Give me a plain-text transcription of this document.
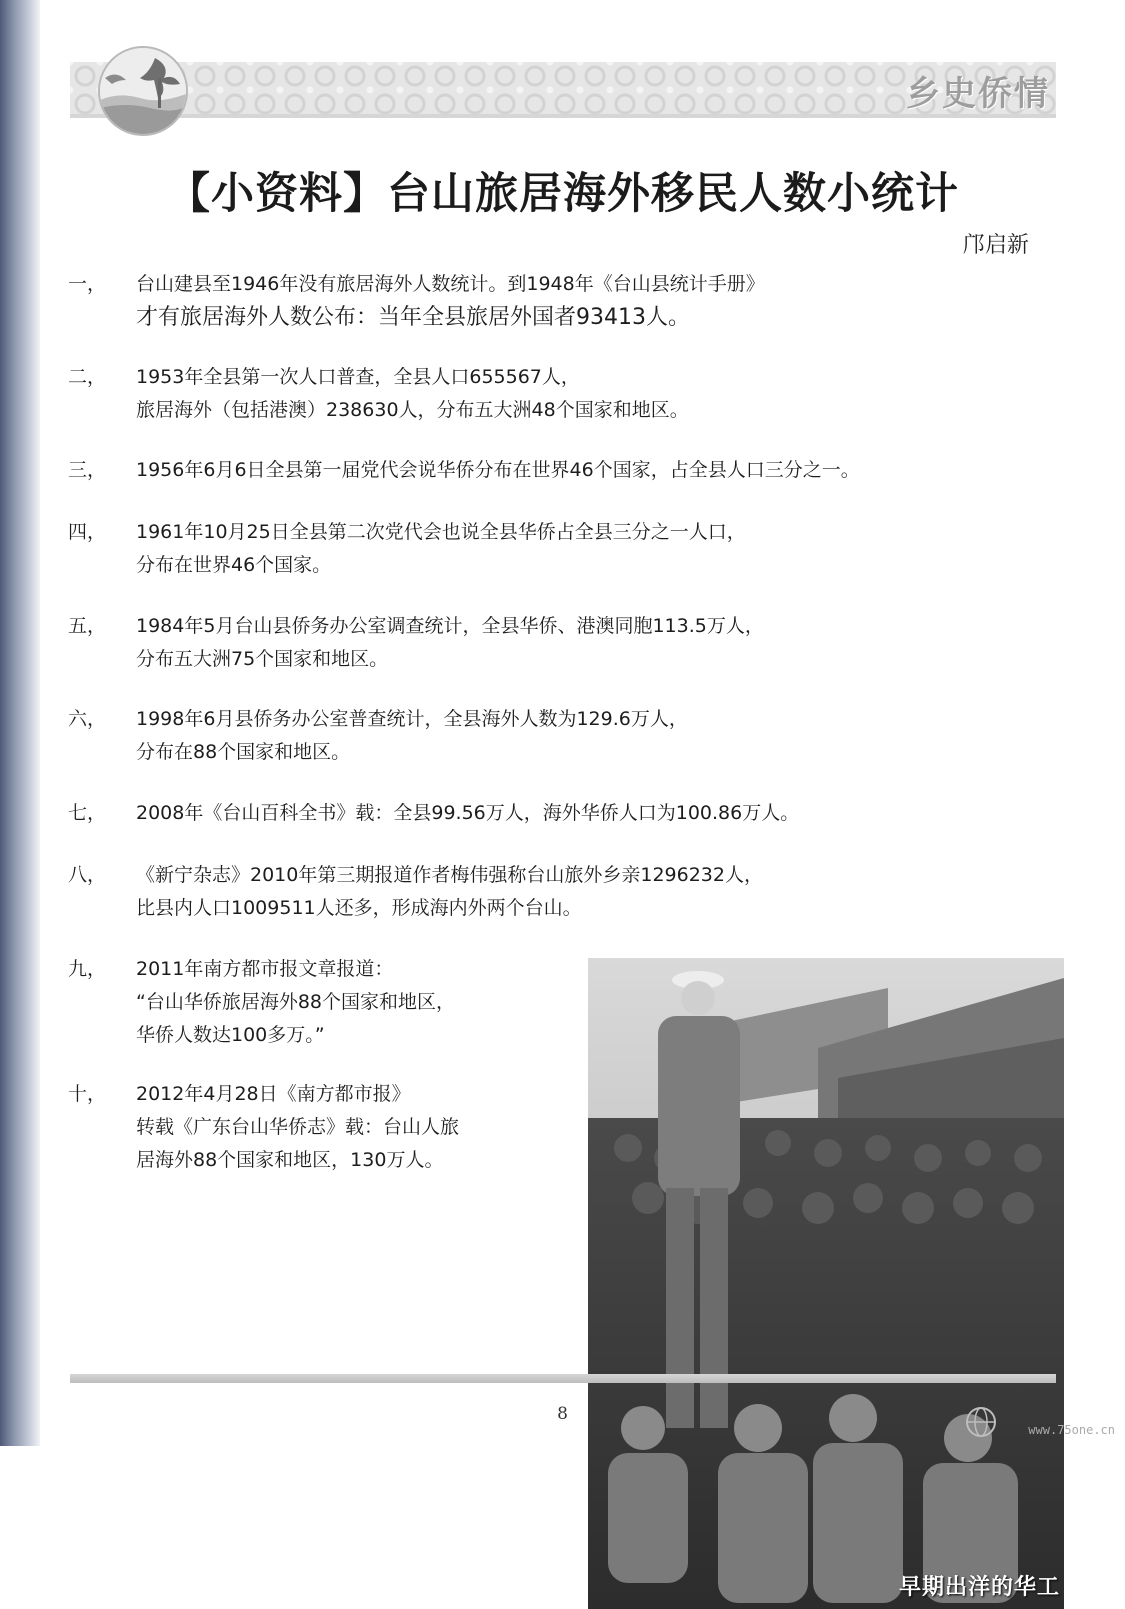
乡史侨情
【小资料】台山旅居海外移民人数小统计
邝启新
一，	台山建县至1946年没有旅居海外人数统计。到1948年《台山县统计手册》
才有旅居海外人数公布：当年全县旅居外国者93413人。
二，	1953年全县第一次人口普查，全县人口655567人，
旅居海外（包括港澳）238630人，分布五大洲48个国家和地区。
三，	1956年6月6日全县第一届党代会说华侨分布在世界46个国家，占全县人口三分之一。
四，	1961年10月25日全县第二次党代会也说全县华侨占全县三分之一人口，
分布在世界46个国家。
五，	1984年5月台山县侨务办公室调查统计，全县华侨、港澳同胞113.5万人，
分布五大洲75个国家和地区。
六，	1998年6月县侨务办公室普查统计，全县海外人数为129.6万人，
分布在88个国家和地区。
七，	2008年《台山百科全书》载：全县99.56万人，海外华侨人口为100.86万人。
八，	《新宁杂志》2010年第三期报道作者梅伟强称台山旅外乡亲1296232人，
比县内人口1009511人还多，形成海内外两个台山。
九，	2011年南方都市报文章报道：
“台山华侨旅居海外88个国家和地区，
华侨人数达100多万。”
十，	2012年4月28日《南方都市报》
转载《广东台山华侨志》载：台山人旅
居海外88个国家和地区，130万人。
早期出洋的华工
8
www.75one.cn
